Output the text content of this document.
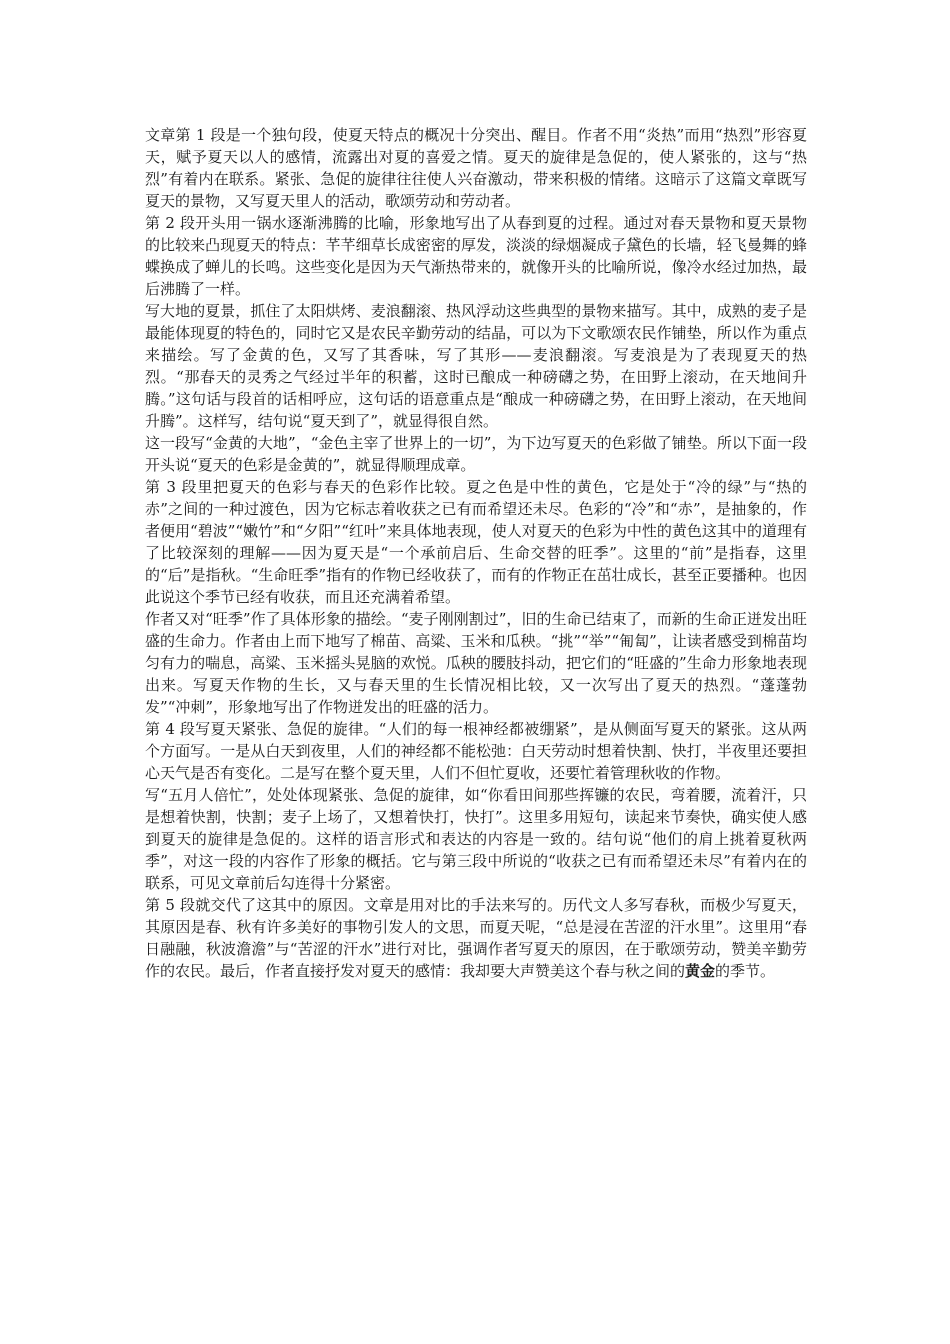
文章第 1 段是一个独句段，使夏天特点的概况十分突出、醒目。作者不用“炎热”而用“热烈”形容夏天，赋予夏天以人的感情，流露出对夏的喜爱之情。夏天的旋律是急促的，使人紧张的，这与“热烈”有着内在联系。紧张、急促的旋律往往使人兴奋激动，带来积极的情绪。这暗示了这篇文章既写夏天的景物，又写夏天里人的活动，歌颂劳动和劳动者。

第 2 段开头用一锅水逐渐沸腾的比喻，形象地写出了从春到夏的过程。通过对春天景物和夏天景物的比较来凸现夏天的特点：芊芊细草长成密密的厚发，淡淡的绿烟凝成子黛色的长墙，轻飞曼舞的蜂蝶换成了蝉儿的长鸣。这些变化是因为天气渐热带来的，就像开头的比喻所说，像冷水经过加热，最后沸腾了一样。

写大地的夏景，抓住了太阳烘烤、麦浪翻滚、热风浮动这些典型的景物来描写。其中，成熟的麦子是最能体现夏的特色的，同时它又是农民辛勤劳动的结晶，可以为下文歌颂农民作铺垫，所以作为重点来描绘。写了金黄的色，又写了其香味，写了其形——麦浪翻滚。写麦浪是为了表现夏天的热烈。“那春天的灵秀之气经过半年的积蓄，这时已酿成一种磅礴之势，在田野上滚动，在天地间升腾。”这句话与段首的话相呼应，这句话的语意重点是“酿成一种磅礴之势，在田野上滚动，在天地间升腾”。这样写，结句说“夏天到了”，就显得很自然。

这一段写“金黄的大地”，“金色主宰了世界上的一切”，为下边写夏天的色彩做了铺垫。所以下面一段开头说“夏天的色彩是金黄的”，就显得顺理成章。

第 3 段里把夏天的色彩与春天的色彩作比较。夏之色是中性的黄色，它是处于“冷的绿”与“热的赤”之间的一种过渡色，因为它标志着收获之已有而希望还未尽。色彩的“冷”和“赤”，是抽象的，作者便用“碧波”“嫩竹”和“夕阳”“红叶”来具体地表现，使人对夏天的色彩为中性的黄色这其中的道理有了比较深刻的理解——因为夏天是“一个承前启后、生命交替的旺季”。这里的“前”是指春，这里的“后”是指秋。“生命旺季”指有的作物已经收获了，而有的作物正在茁壮成长，甚至正要播种。也因此说这个季节已经有收获，而且还充满着希望。

作者又对“旺季”作了具体形象的描绘。“麦子刚刚割过”，旧的生命已结束了，而新的生命正迸发出旺盛的生命力。作者由上而下地写了棉苗、高粱、玉米和瓜秧。“挑”“举”“匍匐”，让读者感受到棉苗均匀有力的喘息，高粱、玉米摇头晃脑的欢悦。瓜秧的腰肢抖动，把它们的“旺盛的”生命力形象地表现出来。写夏天作物的生长，又与春天里的生长情况相比较，又一次写出了夏天的热烈。“蓬蓬勃发”“冲刺”，形象地写出了作物迸发出的旺盛的活力。

第 4 段写夏天紧张、急促的旋律。“人们的每一根神经都被绷紧”，是从侧面写夏天的紧张。这从两个方面写。一是从白天到夜里，人们的神经都不能松弛：白天劳动时想着快割、快打，半夜里还要担心天气是否有变化。二是写在整个夏天里，人们不但忙夏收，还要忙着管理秋收的作物。

写“五月人倍忙”，处处体现紧张、急促的旋律，如“你看田间那些挥镰的农民，弯着腰，流着汗，只是想着快割，快割；麦子上场了，又想着快打，快打”。这里多用短句，读起来节奏快，确实使人感到夏天的旋律是急促的。这样的语言形式和表达的内容是一致的。结句说“他们的肩上挑着夏秋两季”，对这一段的内容作了形象的概括。它与第三段中所说的“收获之已有而希望还未尽”有着内在的联系，可见文章前后勾连得十分紧密。

第 5 段就交代了这其中的原因。文章是用对比的手法来写的。历代文人多写春秋，而极少写夏天，其原因是春、秋有许多美好的事物引发人的文思，而夏天呢，“总是浸在苦涩的汗水里”。这里用“春日融融，秋波澹澹”与“苦涩的汗水”进行对比，强调作者写夏天的原因，在于歌颂劳动，赞美辛勤劳作的农民。最后，作者直接抒发对夏天的感情：我却要大声赞美这个春与秋之间的黄金的季节。
